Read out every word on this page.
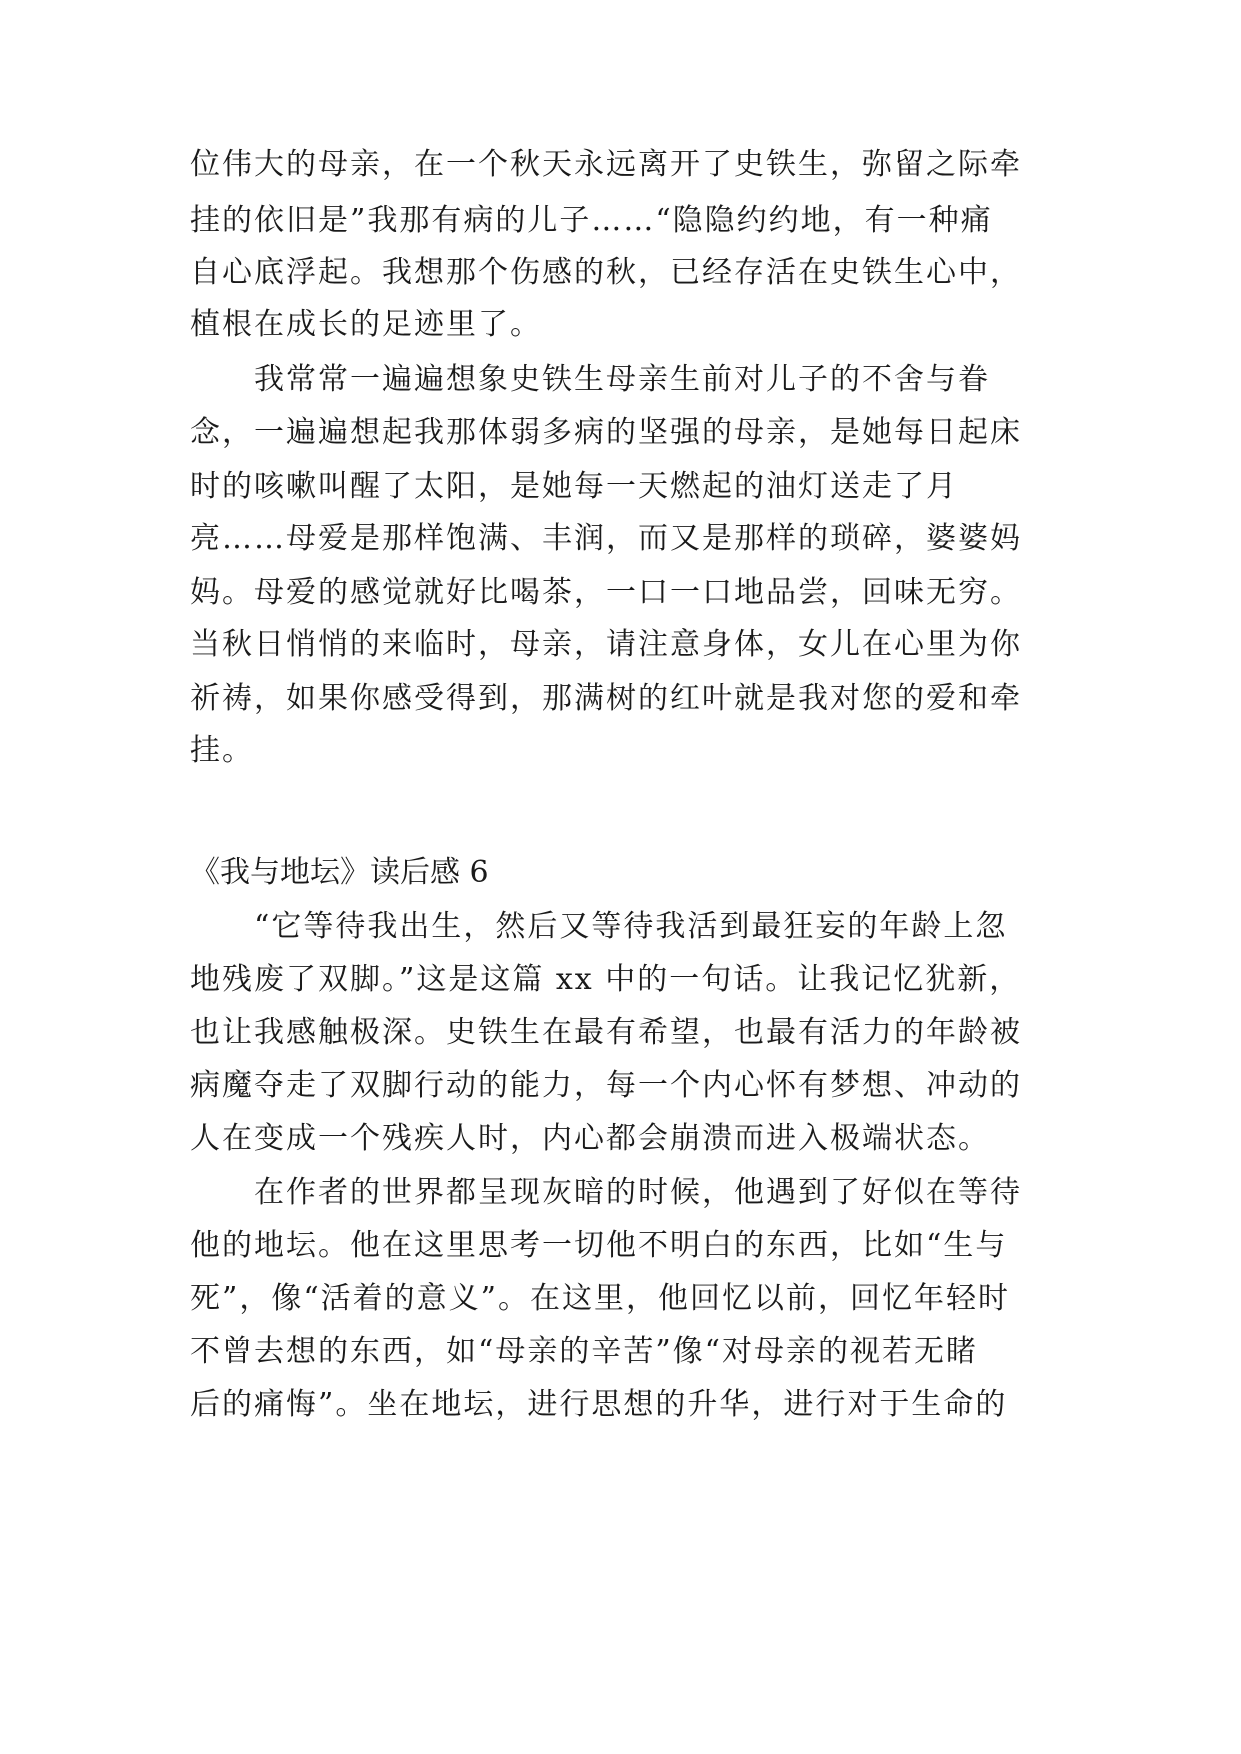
位伟大的母亲，在一个秋天永远离开了史铁生，弥留之际牵
挂的依旧是”我那有病的儿子……“隐隐约约地，有一种痛
自心底浮起。我想那个伤感的秋，已经存活在史铁生心中，
植根在成长的足迹里了。
我常常一遍遍想象史铁生母亲生前对儿子的不舍与眷
念，一遍遍想起我那体弱多病的坚强的母亲，是她每日起床
时的咳嗽叫醒了太阳，是她每一天燃起的油灯送走了月
亮……母爱是那样饱满、丰润，而又是那样的琐碎，婆婆妈
妈。母爱的感觉就好比喝茶，一口一口地品尝，回味无穷。
当秋日悄悄的来临时，母亲，请注意身体，女儿在心里为你
祈祷，如果你感受得到，那满树的红叶就是我对您的爱和牵
挂。
《我与地坛》读后感 6
“它等待我出生，然后又等待我活到最狂妄的年龄上忽
地残废了双脚。”这是这篇 xx 中的一句话。让我记忆犹新，
也让我感触极深。史铁生在最有希望，也最有活力的年龄被
病魔夺走了双脚行动的能力，每一个内心怀有梦想、冲动的
人在变成一个残疾人时，内心都会崩溃而进入极端状态。
在作者的世界都呈现灰暗的时候，他遇到了好似在等待
他的地坛。他在这里思考一切他不明白的东西，比如“生与
死”，像“活着的意义”。在这里，他回忆以前，回忆年轻时
不曾去想的东西，如“母亲的辛苦”像“对母亲的视若无睹
后的痛悔”。坐在地坛，进行思想的升华，进行对于生命的
